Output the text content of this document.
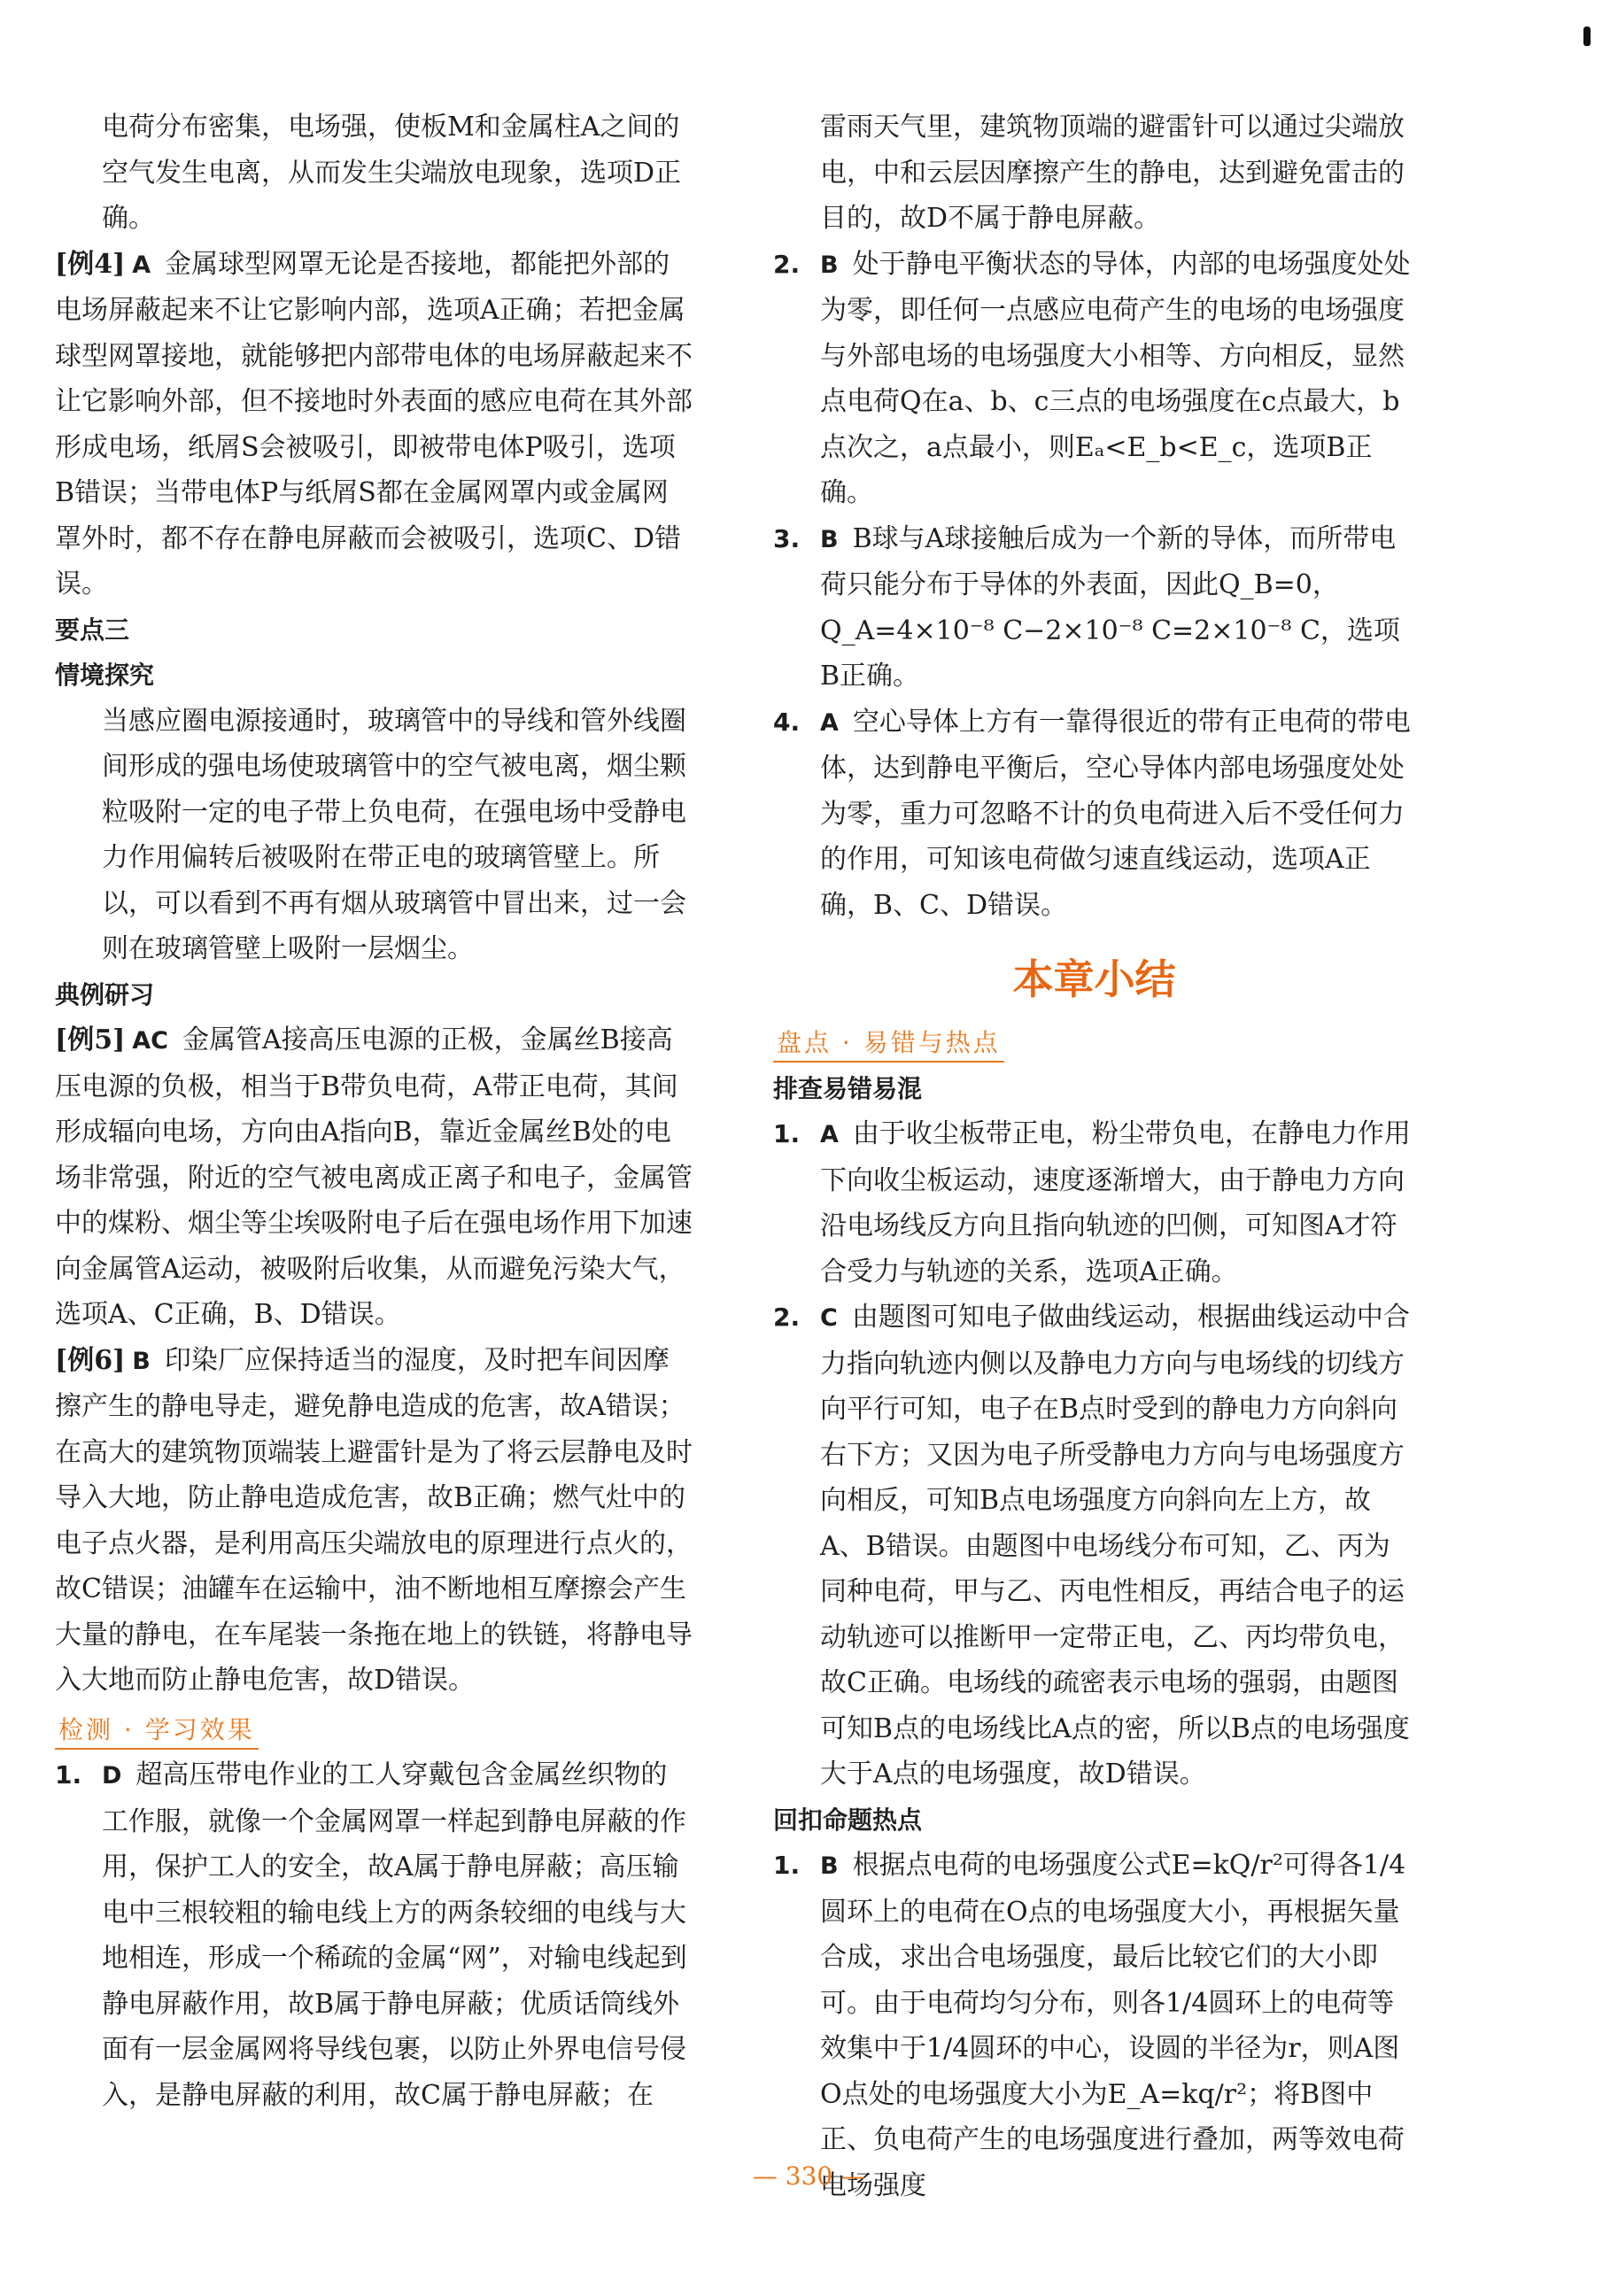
电荷分布密集，电场强，使板M和金属柱A之间的空气发生电离，从而发生尖端放电现象，选项D正确。

[例4] A 金属球型网罩无论是否接地，都能把外部的电场屏蔽起来不让它影响内部，选项A正确；若把金属球型网罩接地，就能够把内部带电体的电场屏蔽起来不让它影响外部，但不接地时外表面的感应电荷在其外部形成电场，纸屑S会被吸引，即被带电体P吸引，选项B错误；当带电体P与纸屑S都在金属网罩内或金属网罩外时，都不存在静电屏蔽而会被吸引，选项C、D错误。

要点三

情境探究

当感应圈电源接通时，玻璃管中的导线和管外线圈间形成的强电场使玻璃管中的空气被电离，烟尘颗粒吸附一定的电子带上负电荷，在强电场中受静电力作用偏转后被吸附在带正电的玻璃管壁上。所以，可以看到不再有烟从玻璃管中冒出来，过一会则在玻璃管壁上吸附一层烟尘。

典例研习

[例5] AC 金属管A接高压电源的正极，金属丝B接高压电源的负极，相当于B带负电荷，A带正电荷，其间形成辐向电场，方向由A指向B，靠近金属丝B处的电场非常强，附近的空气被电离成正离子和电子，金属管中的煤粉、烟尘等尘埃吸附电子后在强电场作用下加速向金属管A运动，被吸附后收集，从而避免污染大气，选项A、C正确，B、D错误。

[例6] B 印染厂应保持适当的湿度，及时把车间因摩擦产生的静电导走，避免静电造成的危害，故A错误；在高大的建筑物顶端装上避雷针是为了将云层静电及时导入大地，防止静电造成危害，故B正确；燃气灶中的电子点火器，是利用高压尖端放电的原理进行点火的，故C错误；油罐车在运输中，油不断地相互摩擦会产生大量的静电，在车尾装一条拖在地上的铁链，将静电导入大地而防止静电危害，故D错误。

检测 · 学习效果

1. D 超高压带电作业的工人穿戴包含金属丝织物的工作服，就像一个金属网罩一样起到静电屏蔽的作用，保护工人的安全，故A属于静电屏蔽；高压输电中三根较粗的输电线上方的两条较细的电线与大地相连，形成一个稀疏的金属“网”，对输电线起到静电屏蔽作用，故B属于静电屏蔽；优质话筒线外面有一层金属网将导线包裹，以防止外界电信号侵入，是静电屏蔽的利用，故C属于静电屏蔽；在

雷雨天气里，建筑物顶端的避雷针可以通过尖端放电，中和云层因摩擦产生的静电，达到避免雷击的目的，故D不属于静电屏蔽。

2. B 处于静电平衡状态的导体，内部的电场强度处处为零，即任何一点感应电荷产生的电场的电场强度与外部电场的电场强度大小相等、方向相反，显然点电荷Q在a、b、c三点的电场强度在c点最大，b点次之，a点最小，则Eₐ<E_b<E_c，选项B正确。
3. B B球与A球接触后成为一个新的导体，而所带电荷只能分布于导体的外表面，因此Q_B=0，Q_A=4×10⁻⁸ C−2×10⁻⁸ C=2×10⁻⁸ C，选项B正确。
4. A 空心导体上方有一靠得很近的带有正电荷的带电体，达到静电平衡后，空心导体内部电场强度处处为零，重力可忽略不计的负电荷进入后不受任何力的作用，可知该电荷做匀速直线运动，选项A正确，B、C、D错误。

本章小结

盘点 · 易错与热点

排查易错易混

1. A 由于收尘板带正电，粉尘带负电，在静电力作用下向收尘板运动，速度逐渐增大，由于静电力方向沿电场线反方向且指向轨迹的凹侧，可知图A才符合受力与轨迹的关系，选项A正确。
2. C 由题图可知电子做曲线运动，根据曲线运动中合力指向轨迹内侧以及静电力方向与电场线的切线方向平行可知，电子在B点时受到的静电力方向斜向右下方；又因为电子所受静电力方向与电场强度方向相反，可知B点电场强度方向斜向左上方，故A、B错误。由题图中电场线分布可知，乙、丙为同种电荷，甲与乙、丙电性相反，再结合电子的运动轨迹可以推断甲一定带正电，乙、丙均带负电，故C正确。电场线的疏密表示电场的强弱，由题图可知B点的电场线比A点的密，所以B点的电场强度大于A点的电场强度，故D错误。

回扣命题热点

1. B 根据点电荷的电场强度公式E=kQ/r²可得各1/4圆环上的电荷在O点的电场强度大小，再根据矢量合成，求出合电场强度，最后比较它们的大小即可。由于电荷均匀分布，则各1/4圆环上的电荷等效集中于1/4圆环的中心，设圆的半径为r，则A图O点处的电场强度大小为E_A=kq/r²；将B图中正、负电荷产生的电场强度进行叠加，两等效电荷电场强度
— 330 —
